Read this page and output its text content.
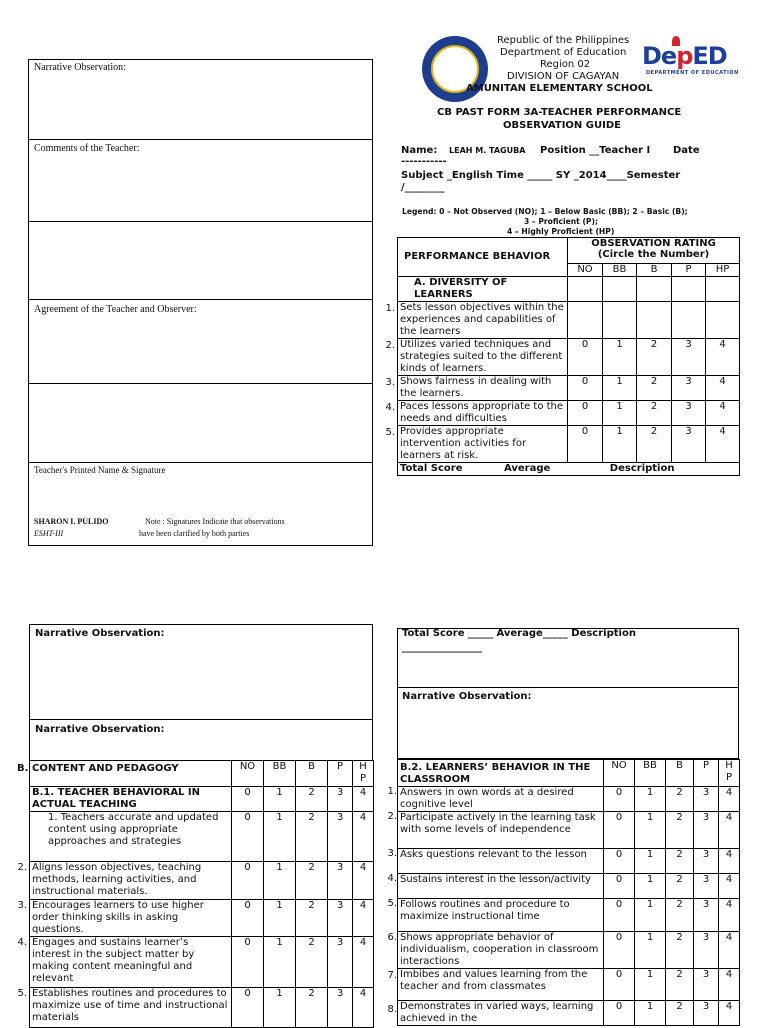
Narrative Observation:
Comments of the Teacher:
Agreement of the Teacher and Observer:
Teacher's Printed Name & Signature
SHARON I. PULIDO
ESHT-III
Note : Signatures Indicate that observations
have been clarified by both parties
DepED
DEPARTMENT OF EDUCATION
Republic of the Philippines
Department of Education
Region 02
DIVISION OF CAGAYAN
AMUNITAN ELEMENTARY SCHOOL
CB PAST FORM 3A-TEACHER PERFORMANCE
OBSERVATION GUIDE
Name: LEAH M. TAGUBA Position __Teacher I Date
-----------
Subject _English Time _____ SY _2014____Semester
/________
Legend: 0 – Not Observed (NO); 1 – Below Basic (BB); 2 – Basic (B);
3 – Proficient (P);
4 – Highly Proficient (HP)
PERFORMANCE BEHAVIOR	OBSERVATION RATING
(Circle the Number)				
	NO	BB	B	P	HP
A. DIVERSITY OF LEARNERS					
Sets lesson objectives within the experiences and capabilities of the learners					
Utilizes varied techniques and strategies suited to the different kinds of learners.	0	1	2	3	4
Shows fairness in dealing with the learners.	0	1	2	3	4
Paces lessons appropriate to the needs and difficulties	0	1	2	3	4
Provides appropriate intervention activities for learners at risk.	0	1	2	3	4
Total Score Average Description					
1.
2.
3.
4.
5.
Narrative Observation:
Narrative Observation:
B. CONTENT AND PEDAGOGY	NO	BB	B	P	H
P
B.1. TEACHER BEHAVIORAL IN ACTUAL TEACHING	0	1	2	3	4
1. Teachers accurate and updated content using appropriate approaches and strategies	0	1	2	3	4
Aligns lesson objectives, teaching methods, learning activities, and instructional materials.	0	1	2	3	4
Encourages learners to use higher order thinking skills in asking questions.	0	1	2	3	4
Engages and sustains learner’s interest in the subject matter by making content meaningful and relevant	0	1	2	3	4
Establishes routines and procedures to maximize use of time and instructional materials	0	1	2	3	4
2.
3.
4.
5.
Total Score _____ Average_____ Description
________________
Narrative Observation:
B.2. LEARNERS’ BEHAVIOR IN THE CLASSROOM	NO	BB	B	P	H
P
Answers in own words at a desired cognitive level	0	1	2	3	4
Participate actively in the learning task with some levels of independence	0	1	2	3	4
Asks questions relevant to the lesson	0	1	2	3	4
Sustains interest in the lesson/activity	0	1	2	3	4
Follows routines and procedure to maximize instructional time	0	1	2	3	4
Shows appropriate behavior of individualism, cooperation in classroom interactions	0	1	2	3	4
Imbibes and values learning from the teacher and from classmates	0	1	2	3	4
Demonstrates in varied ways, learning achieved in the	0	1	2	3	4
1.
2.
3.
4.
5.
6.
7.
8.
